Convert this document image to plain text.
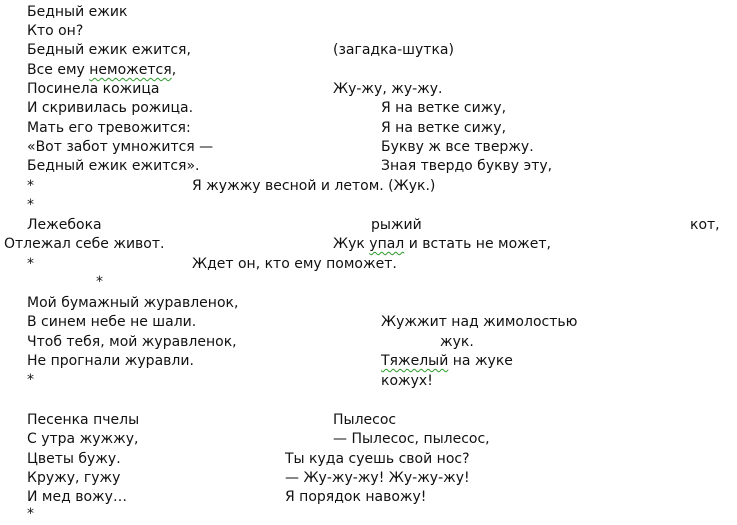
Бедный ежик
Кто он?
Бедный ежик ежится,	(загадка-шутка)
Все ему неможется,
Посинела кожица	Жу-жу, жу-жу.
И скривилась рожица.	Я на ветке сижу,
Мать его тревожится:	Я на ветке сижу,
«Вот забот умножится —	Букву ж все твержу.
Бедный ежик ежится».	Зная твердо букву эту,
*	Я жужжу весной и летом. (Жук.)
*
Лежебока	рыжий	кот,
Отлежал себе живот.	Жук упал и встать не может,
*	Ждет он, кто ему поможет.
*
Мой бумажный журавленок,
В синем небе не шали.	Жужжит над жимолостью
Чтоб тебя, мой журавленок,	жук.
Не прогнали журавли.	Тяжелый на жуке
*	кожух!
Песенка пчелы	Пылесос
С утра жужжу,	— Пылесос, пылесос,
Цветы бужу.	Ты куда суешь свой нос?
Кружу, гужу	— Жу-жу-жу! Жу-жу-жу!
И мед вожу…	Я порядок навожу!
*
